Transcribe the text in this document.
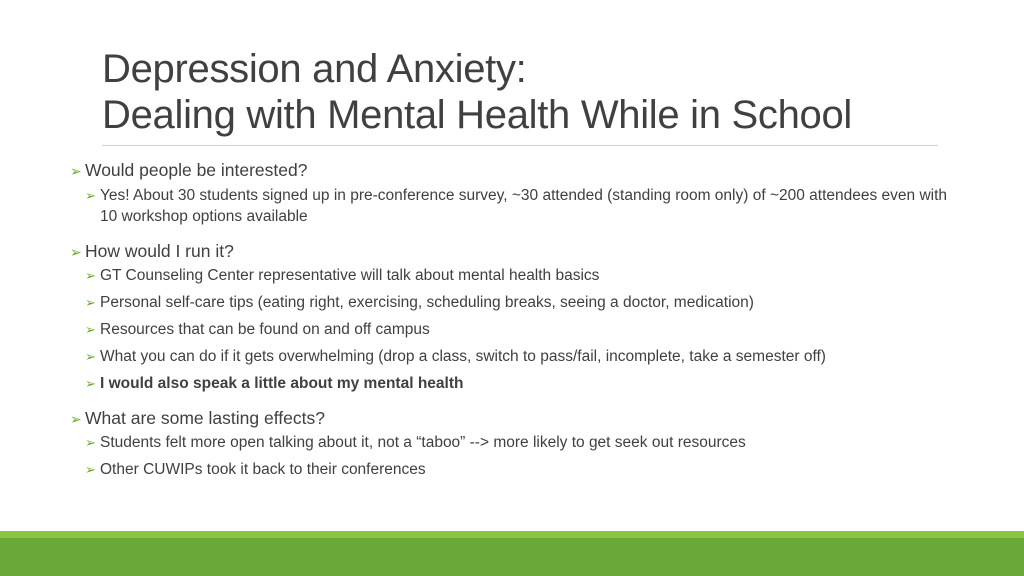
Depression and Anxiety:
Dealing with Mental Health While in School
➢ Would people be interested?
➢ Yes! About 30 students signed up in pre-conference survey, ~30 attended (standing room only) of ~200 attendees even with 10 workshop options available
➢ How would I run it?
➢ GT Counseling Center representative will talk about mental health basics
➢ Personal self-care tips (eating right, exercising, scheduling breaks, seeing a doctor, medication)
➢ Resources that can be found on and off campus
➢ What you can do if it gets overwhelming (drop a class, switch to pass/fail, incomplete, take a semester off)
➢ I would also speak a little about my mental health
➢ What are some lasting effects?
➢ Students felt more open talking about it, not a “taboo” --> more likely to get seek out resources
➢ Other CUWIPs took it back to their conferences
